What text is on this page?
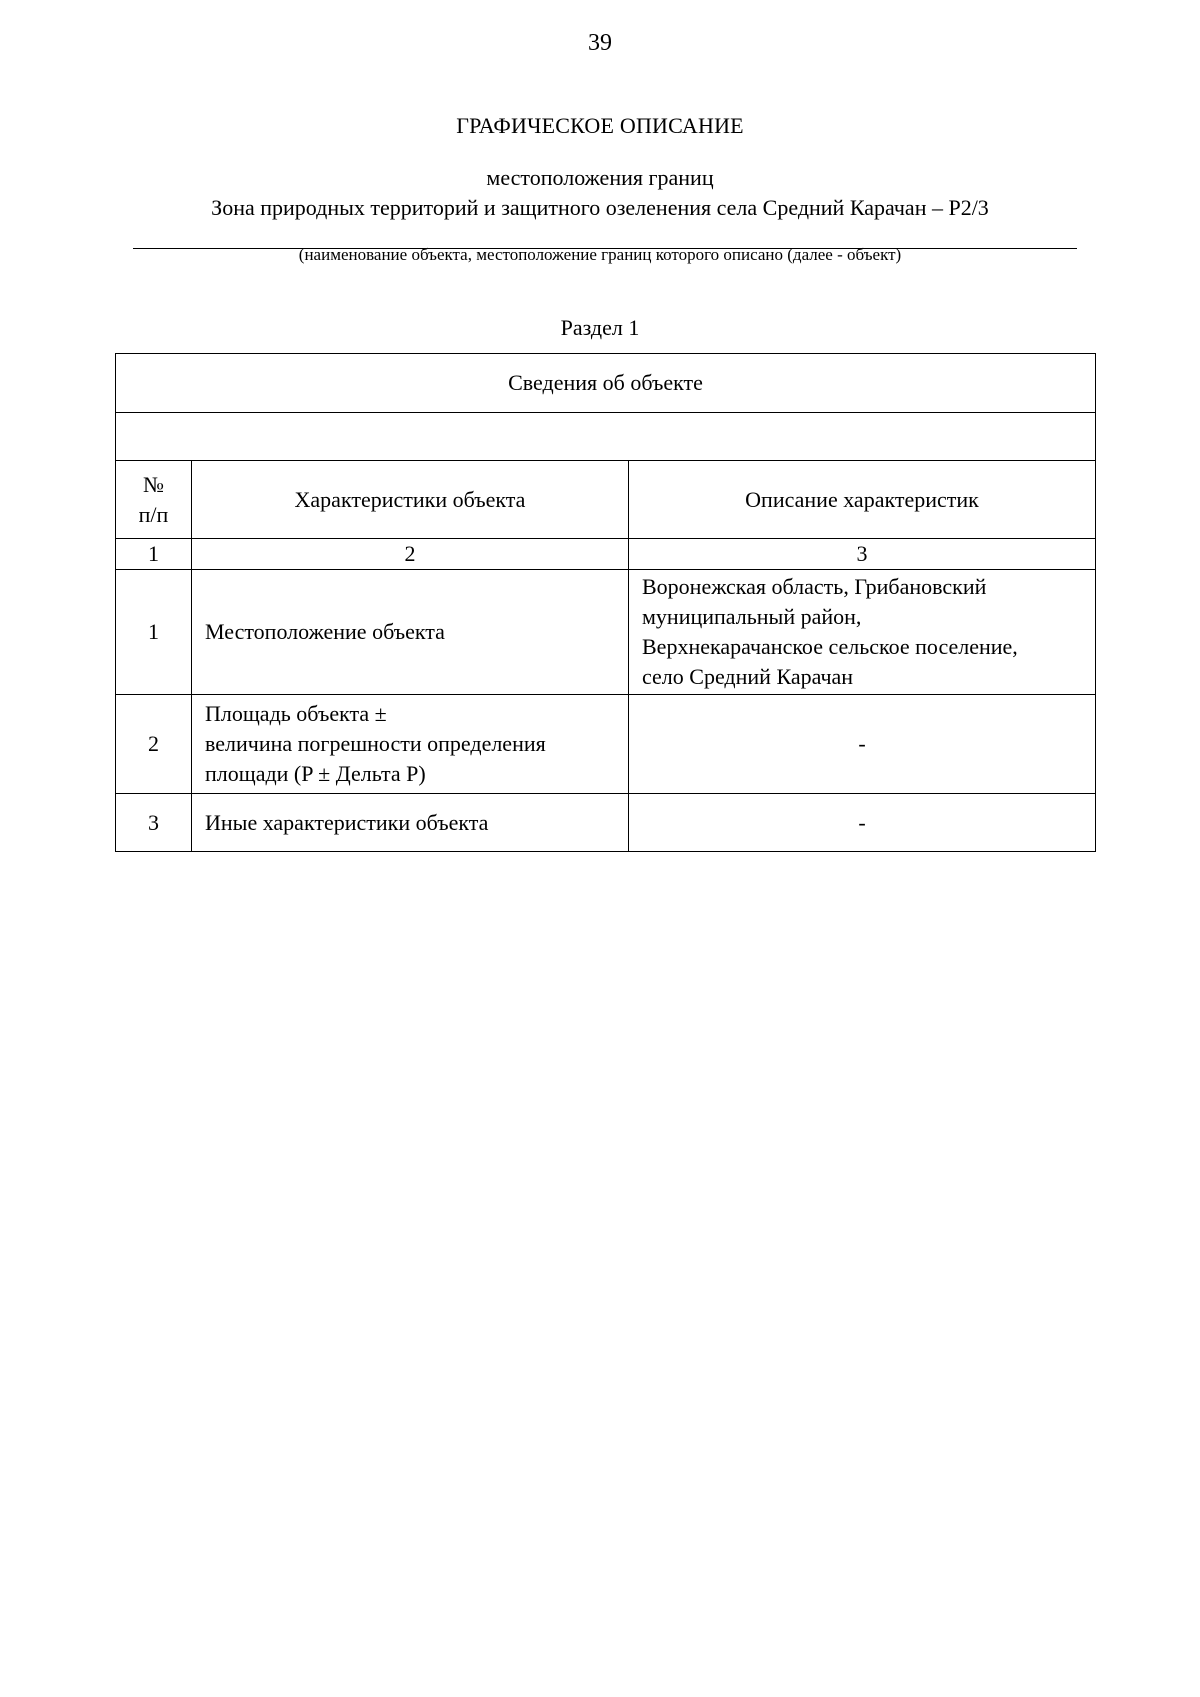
39
ГРАФИЧЕСКОЕ ОПИСАНИЕ
местоположения границ
Зона природных территорий и защитного озеленения села Средний Карачан – Р2/3
(наименование объекта, местоположение границ которого описано (далее - объект)
Раздел 1
Сведения об объекте		

№
п/п	Характеристики объекта	Описание характеристик
1	2	3
1	Местоположение объекта	Воронежская область, Грибановский
муниципальный район,
Верхнекарачанское сельское поселение,
село Средний Карачан
2	Площадь объекта ±
величина погрешности определения
площади (P ± Дельта P)	-
3	Иные характеристики объекта	-
